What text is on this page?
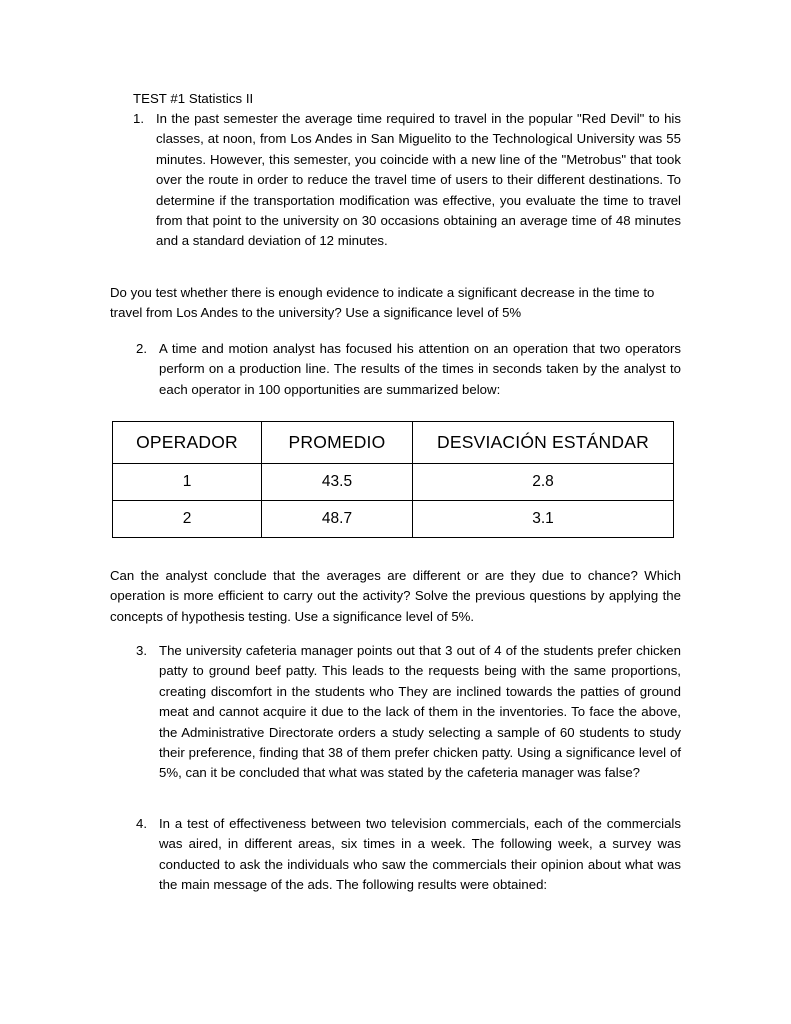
TEST #1 Statistics II
1. In the past semester the average time required to travel in the popular "Red Devil" to his classes, at noon, from Los Andes in San Miguelito to the Technological University was 55 minutes. However, this semester, you coincide with a new line of the "Metrobus" that took over the route in order to reduce the travel time of users to their different destinations. To determine if the transportation modification was effective, you evaluate the time to travel from that point to the university on 30 occasions obtaining an average time of 48 minutes and a standard deviation of 12 minutes.
Do you test whether there is enough evidence to indicate a significant decrease in the time to travel from Los Andes to the university? Use a significance level of 5%
2. A time and motion analyst has focused his attention on an operation that two operators perform on a production line. The results of the times in seconds taken by the analyst to each operator in 100 opportunities are summarized below:
OPERADOR	PROMEDIO	DESVIACIÓN ESTÁNDAR
1	43.5	2.8
2	48.7	3.1
Can the analyst conclude that the averages are different or are they due to chance? Which operation is more efficient to carry out the activity? Solve the previous questions by applying the concepts of hypothesis testing. Use a significance level of 5%.
3. The university cafeteria manager points out that 3 out of 4 of the students prefer chicken patty to ground beef patty. This leads to the requests being with the same proportions, creating discomfort in the students who They are inclined towards the patties of ground meat and cannot acquire it due to the lack of them in the inventories. To face the above, the Administrative Directorate orders a study selecting a sample of 60 students to study their preference, finding that 38 of them prefer chicken patty. Using a significance level of 5%, can it be concluded that what was stated by the cafeteria manager was false?
4. In a test of effectiveness between two television commercials, each of the commercials was aired, in different areas, six times in a week. The following week, a survey was conducted to ask the individuals who saw the commercials their opinion about what was the main message of the ads. The following results were obtained:
